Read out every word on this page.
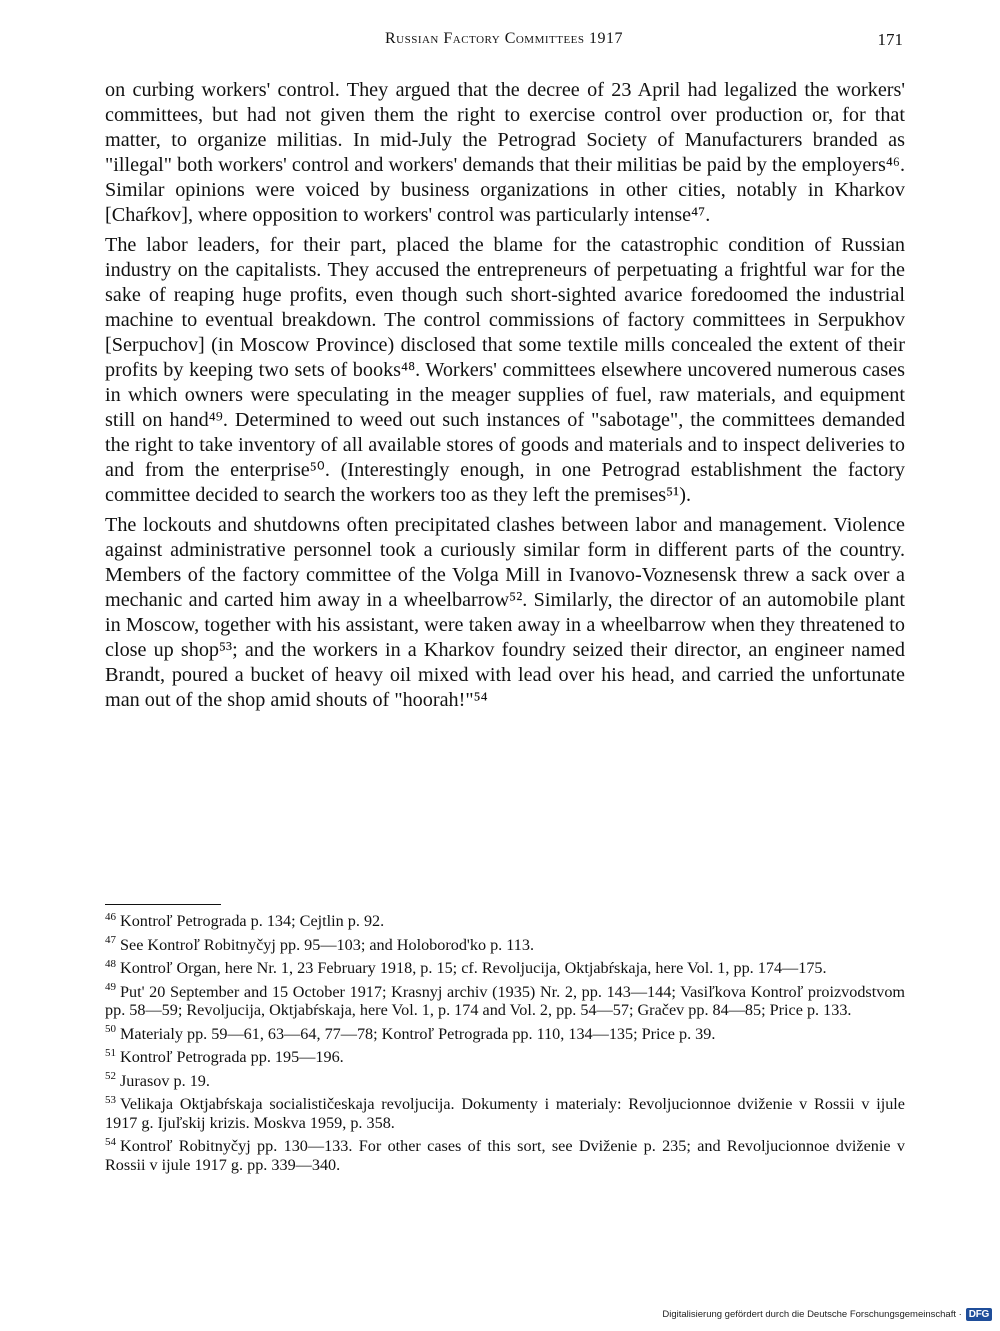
Russian Factory Committees 1917	171

on curbing workers' control. They argued that the decree of 23 April had legalized the workers' committees, but had not given them the right to exercise control over production or, for that matter, to organize militias. In mid-July the Petrograd Society of Manufacturers branded as "illegal" both workers' control and workers' demands that their militias be paid by the employers⁴⁶. Similar opinions were voiced by business organizations in other cities, notably in Kharkov [Chaŕkov], where opposition to workers' control was particularly intense⁴⁷.

The labor leaders, for their part, placed the blame for the catastrophic condition of Russian industry on the capitalists. They accused the entrepreneurs of perpetuating a frightful war for the sake of reaping huge profits, even though such short-sighted avarice foredoomed the industrial machine to eventual breakdown. The control commissions of factory committees in Serpukhov [Serpuchov] (in Moscow Province) disclosed that some textile mills concealed the extent of their profits by keeping two sets of books⁴⁸. Workers' committees elsewhere uncovered numerous cases in which owners were speculating in the meager supplies of fuel, raw materials, and equipment still on hand⁴⁹. Determined to weed out such instances of "sabotage", the committees demanded the right to take inventory of all available stores of goods and materials and to inspect deliveries to and from the enterprise⁵⁰. (Interestingly enough, in one Petrograd establishment the factory committee decided to search the workers too as they left the premises⁵¹).

The lockouts and shutdowns often precipitated clashes between labor and management. Violence against administrative personnel took a curiously similar form in different parts of the country. Members of the factory committee of the Volga Mill in Ivanovo-Voznesensk threw a sack over a mechanic and carted him away in a wheelbarrow⁵². Similarly, the director of an automobile plant in Moscow, together with his assistant, were taken away in a wheelbarrow when they threatened to close up shop⁵³; and the workers in a Kharkov foundry seized their director, an engineer named Brandt, poured a bucket of heavy oil mixed with lead over his head, and carried the unfortunate man out of the shop amid shouts of "hoorah!"⁵⁴

$^{46}$ Kontroľ Petrograda p. 134; Cejtlin p. 92.

$^{47}$ See Kontroľ Robitnyčyj pp. 95—103; and Holoborod'ko p. 113.

$^{48}$ Kontroľ Organ, here Nr. 1, 23 February 1918, p. 15; cf. Revoljucija, Oktjabŕskaja, here Vol. 1, pp. 174—175.

$^{49}$ Put' 20 September and 15 October 1917; Krasnyj archiv (1935) Nr. 2, pp. 143—144; Vasiľkova Kontroľ proizvodstvom pp. 58—59; Revoljucija, Oktjabŕskaja, here Vol. 1, p. 174 and Vol. 2, pp. 54—57; Gračev pp. 84—85; Price p. 133.

$^{50}$ Materialy pp. 59—61, 63—64, 77—78; Kontroľ Petrograda pp. 110, 134—135; Price p. 39.

$^{51}$ Kontroľ Petrograda pp. 195—196.

$^{52}$ Jurasov p. 19.

$^{53}$ Velikaja Oktjabŕskaja socialističeskaja revoljucija. Dokumenty i materialy: Revoljucionnoe dviženie v Rossii v ijule 1917 g. Ijuľskij krizis. Moskva 1959, p. 358.

$^{54}$ Kontroľ Robitnyčyj pp. 130—133. For other cases of this sort, see Dviženie p. 235; and Revoljucionnoe dviženie v Rossii v ijule 1917 g. pp. 339—340.

Digitalisierung gefördert durch die Deutsche Forschungsgemeinschaft · DFG
